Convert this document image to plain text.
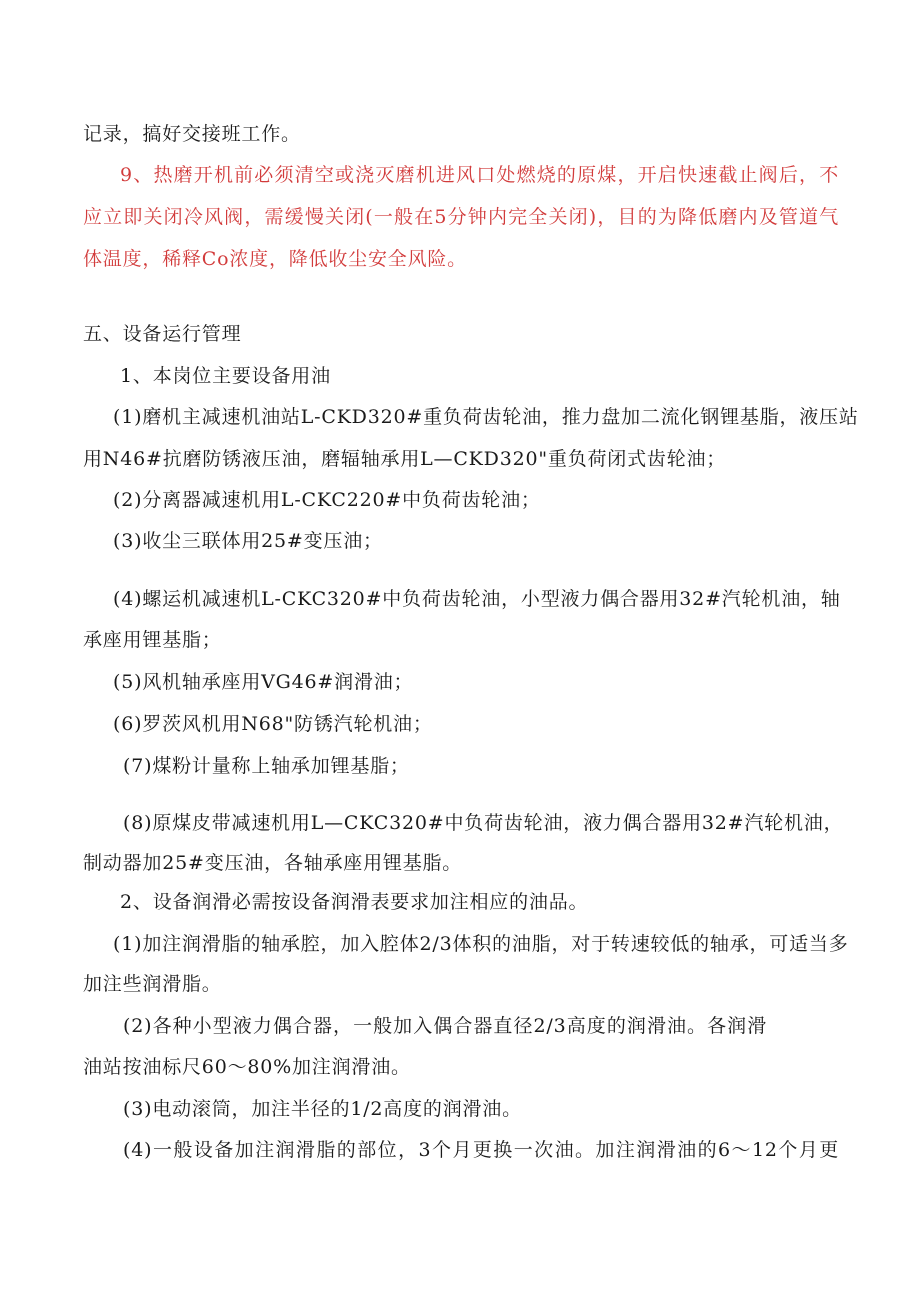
记录，搞好交接班工作。
9、热磨开机前必须清空或浇灭磨机进风口处燃烧的原煤，开启快速截止阀后，不
应立即关闭冷风阀，需缓慢关闭(一般在5分钟内完全关闭)，目的为降低磨内及管道气
体温度，稀释Co浓度，降低收尘安全风险。
五、设备运行管理
1、本岗位主要设备用油
(1)磨机主减速机油站L-CKD320#重负荷齿轮油，推力盘加二流化钢锂基脂，液压站
用N46#抗磨防锈液压油，磨辐轴承用L—CKD320"重负荷闭式齿轮油；
(2)分离器减速机用L-CKC220#中负荷齿轮油；
(3)收尘三联体用25#变压油；
(4)螺运机减速机L-CKC320#中负荷齿轮油，小型液力偶合器用32#汽轮机油，轴
承座用锂基脂；
(5)风机轴承座用VG46#润滑油；
(6)罗茨风机用N68"防锈汽轮机油；
(7)煤粉计量称上轴承加锂基脂；
(8)原煤皮带减速机用L—CKC320#中负荷齿轮油，液力偶合器用32#汽轮机油，
制动器加25#变压油，各轴承座用锂基脂。
2、设备润滑必需按设备润滑表要求加注相应的油品。
(1)加注润滑脂的轴承腔，加入腔体2/3体积的油脂，对于转速较低的轴承，可适当多
加注些润滑脂。
(2)各种小型液力偶合器，一般加入偶合器直径2/3高度的润滑油。各润滑
油站按油标尺60～80%加注润滑油。
(3)电动滚筒，加注半径的1/2高度的润滑油。
(4)一般设备加注润滑脂的部位，3个月更换一次油。加注润滑油的6～12个月更
